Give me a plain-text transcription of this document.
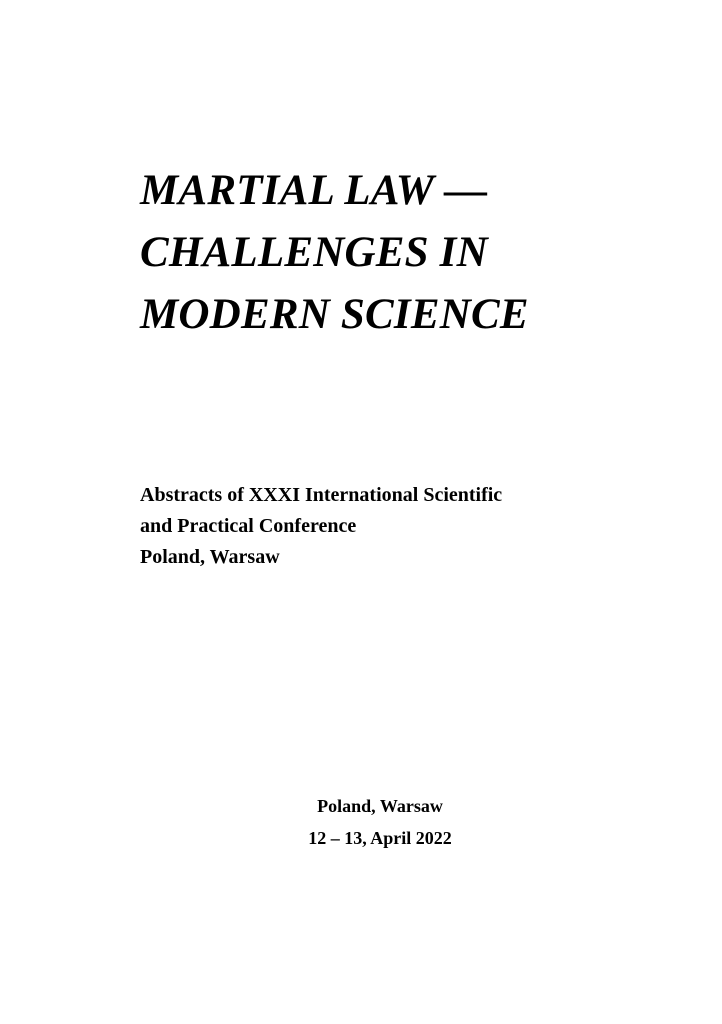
MARTIAL LAW —
CHALLENGES IN
MODERN SCIENCE
Abstracts of XXXI International Scientific
and Practical Conference
Poland, Warsaw
Poland, Warsaw
12 – 13, April 2022
